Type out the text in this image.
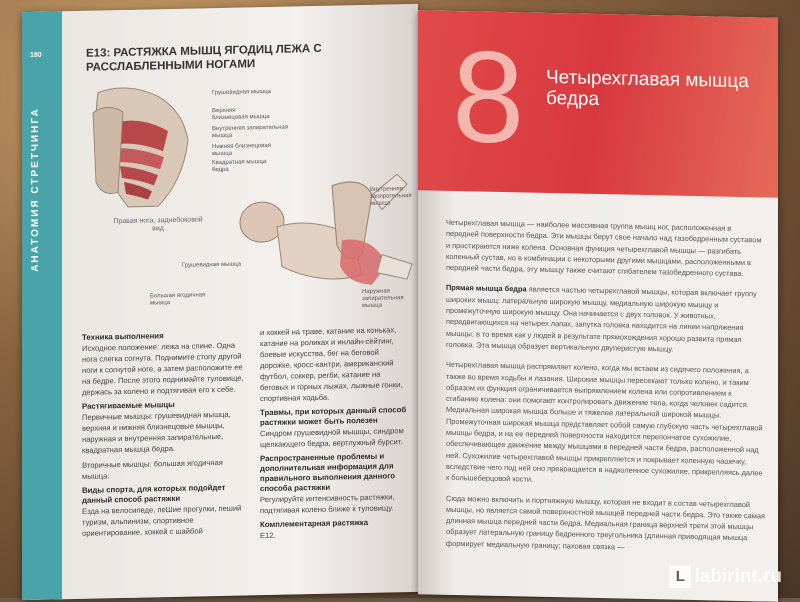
180
АНАТОМИЯ СТРЕТЧИНГА
E13: РАСТЯЖКА МЫШЦ ЯГОДИЦ ЛЕЖА С РАССЛАБЛЕННЫМИ НОГАМИ
Грушевидная мышца
Верхняя близнецовая мышца
Внутренняя запирательная мышца
Нижняя близнецовая мышца
Квадратная мышца бедра
Правая нога, заднебоковой вид
Внутренняя запирательная мышца
Грушевидная мышца
Большая ягодичная мышца
Наружная запирательная мышца
Техника выполнения

Исходное положение: лежа на спине. Одна нога слегка согнута. Поднимите стопу другой ноги к согнутой ноге, а затем расположите ее на бедре. После этого поднимайте туловище, держась за колено и подтягивая его к себе.

Растягиваемые мышцы

Первичные мышцы: грушевидная мышца, верхняя и нижняя близнецовые мышцы, наружная и внутренняя запирательные, квадратная мышца бедра.

Вторичные мышцы: большая ягодичная мышца.

Виды спорта, для которых подойдет данный способ растяжки

Езда на велосипеде, пеШие прогулки, пеший туризм, альпинизм, спортивное ориентирование, хоккей с шайбой

и хоккей на траве, катание на коньках, катание на роликах и инлайн-сёйтинг, боевые искусства, бег на беговой дорожке, кросс-кантри, американский футбол, соккер, регби, катание на беговых и горных лыжах, лыжные гонки, спортивная ходьба.

Травмы, при которых данный способ растяжки может быть полезен

Синдром грушевидной мышцы, синдром щелкающего бедра, вертлужный бурсит.

Распространенные проблемы и дополнительная информация для правильного выполнения данного способа растяжки

Регулируйте интенсивность растяжки, подтягивая колено ближе к туловищу.

Комплементарная растяжка

E12.

8 Четырехглавая мышца бедра

Четырехглавая мышца — наиболее массивная группа мышц ног, расположенная в передней поверхности бедра. Эти мышцы берут свое начало над тазобедренным суставом и простираются ниже колена. Основная функция четырехглавой мышцы — разгибать коленный сустав, но в комбинации с некоторыми другими мышцами, расположенными в передней части бедра, эту мышцу также считают сгибателем тазобедренного сустава.

Прямая мышца бедра является частью четырехглавой мышцы, которая включает группу широких мышц: латеральную широкую мышцу, медиальную широкую мышцу и промежуточную широкую мышцу. Она начинается с двух головок. У животных, передвигающихся на четырех лапах, запутка головка находится на линии напряжения мышцы, в то время как у людей в результате прямохождения хорошо развита прямая головка. Эта мышца образует вертикальную двуперистую мышцу.

Четырехглавая мышца распрямляет колено, когда мы встаем из сидячего положения, а также во время ходьбы и лазания. Широкие мышцы пересекают только колено, и таким образом их функция ограничивается выпрямлением колена или сопротивлением к сгибанию колена: они помогают контролировать движение тела, когда человек садится. Медиальная широкая мышца больше и тяжелее латеральной широкой мышцы. Промежуточная широкая мышца представляет собой самую глубокую часть четырехглавой мышцы бедра, и на ее передней поверхности находится перепончатое сухожилие, обеспечивающее движение между мышцами в передней части бедра, расположенной над ней. Сухожилие четырехглавой мышцы прикрепляется и покрывает коленную чашечку, вследствие чего под ней оно превращается в надколенное сухожилие, прикрепляясь далее к большеберцовой кости.

Сюда можно включить и портняжную мышцу, которая не входит в состав четырехглавой мышцы, но является самой поверхностной мышцей передней части бедра. Это также самая длинная мышца передней части бедра. Медиальная граница верхней трети этой мышцы образует латеральную границу бедренного треугольника (длинная приводящая мышца формирует медиальную границу; паховая связка —

L labirint.ru
